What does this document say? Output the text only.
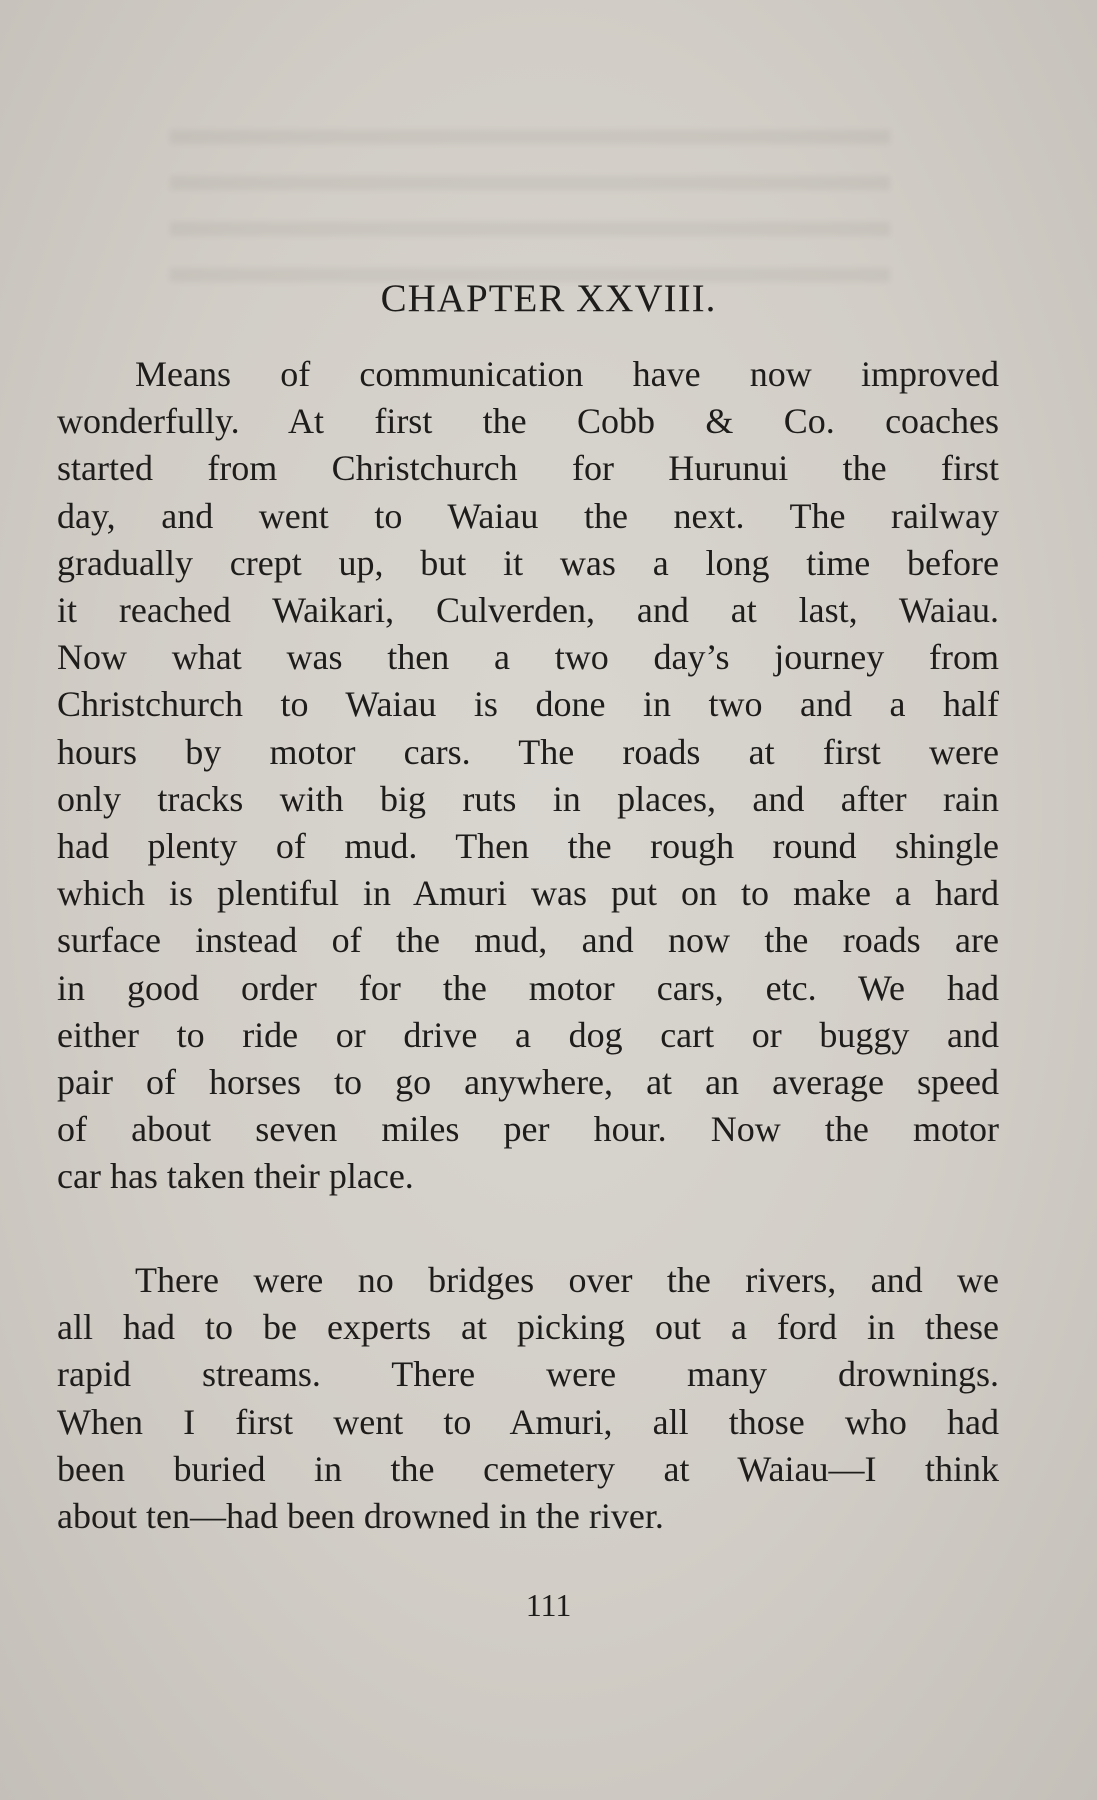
CHAPTER XXVIII.
Means of communication have now improved
wonderfully. At first the Cobb & Co. coaches
started from Christchurch for Hurunui the first
day, and went to Waiau the next. The railway
gradually crept up, but it was a long time before
it reached Waikari, Culverden, and at last, Waiau.
Now what was then a two day’s journey from
Christchurch to Waiau is done in two and a half
hours by motor cars. The roads at first were
only tracks with big ruts in places, and after rain
had plenty of mud. Then the rough round shingle
which is plentiful in Amuri was put on to make a hard
surface instead of the mud, and now the roads are
in good order for the motor cars, etc. We had
either to ride or drive a dog cart or buggy and
pair of horses to go anywhere, at an average speed
of about seven miles per hour. Now the motor
car has taken their place.
There were no bridges over the rivers, and we
all had to be experts at picking out a ford in these
rapid streams. There were many drownings.
When I first went to Amuri, all those who had
been buried in the cemetery at Waiau—I think
about ten—had been drowned in the river.

111
